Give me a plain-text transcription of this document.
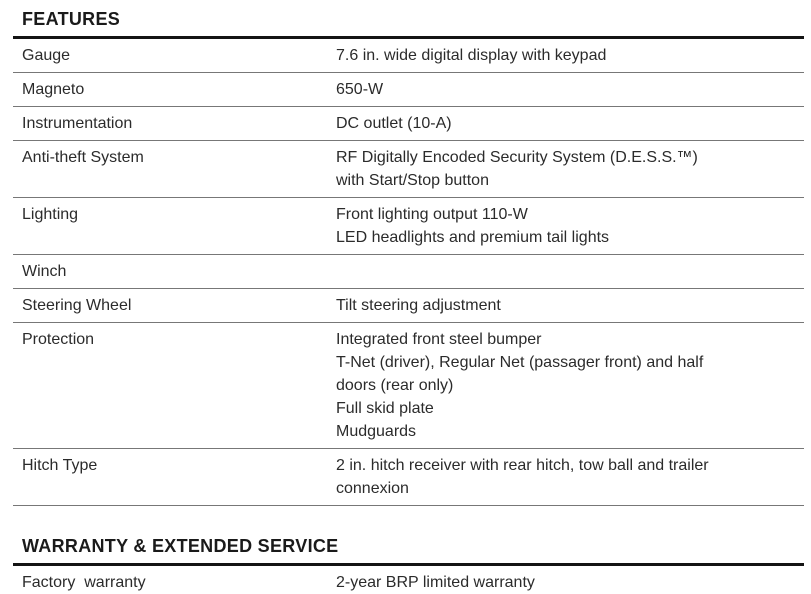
FEATURES
Gauge	7.6 in. wide digital display with keypad
Magneto	650-W
Instrumentation	DC outlet (10-A)
Anti-theft System	RF Digitally Encoded Security System (D.E.S.S.™)
with Start/Stop button
Lighting	Front lighting output 110-W
LED headlights and premium tail lights
Winch
Steering Wheel	Tilt steering adjustment
Protection	Integrated front steel bumper
T-Net (driver), Regular Net (passager front) and half
doors (rear only)
Full skid plate
Mudguards
Hitch Type	2 in. hitch receiver with rear hitch, tow ball and trailer
connexion
WARRANTY & EXTENDED SERVICE
Factory  warranty	2-year BRP limited warranty
